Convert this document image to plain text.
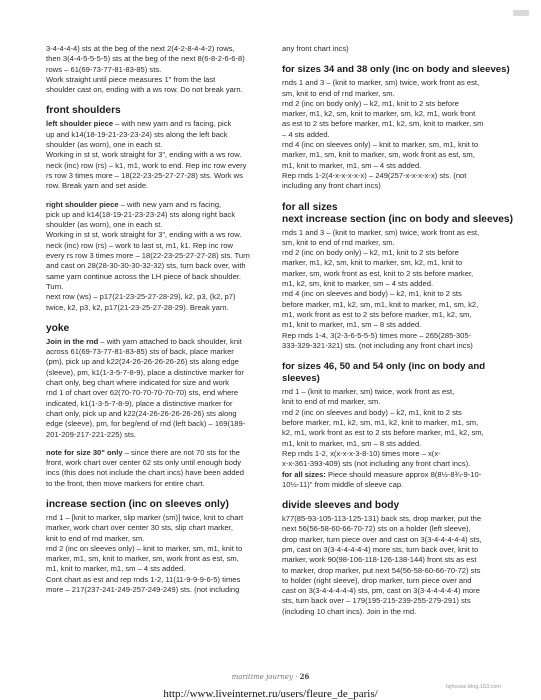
3-4-4-4-4) sts at the beg of the next 2(4-2-8-4-4-2) rows,

then 3(4-4-5-5-5-5) sts at the beg of the next 8(6-8-2-6-6-8)

rows – 61(69-73-77-81-83-85) sts.

Work straight until piece measures 1" from the last

shoulder cast on, ending with a ws row. Do not break yarn.

front shoulders

left shoulder piece – with new yarn and rs facing, pick

up and k14(18-19-21-23-23-24) sts along the left back

shoulder (as worn), one in each st.

Working in st st, work straight for 3", ending with a ws row.

neck (inc) row (rs) – k1, m1, work to end. Rep inc row every

rs row 3 times more – 18(22-23-25-27-27-28) sts. Work ws

row. Break yarn and set aside.

right shoulder piece – with new yarn and rs facing,

pick up and k14(18-19-21-23-23-24) sts along right back

shoulder (as worn), one in each st.

Working in st st, work straight for 3", ending with a ws row.

neck (inc) row (rs) – work to last st, m1, k1. Rep inc row

every rs row 3 times more – 18(22-23-25-27-27-28) sts. Turn

and cast on 28(28-30-30-30-32-32) sts, turn back over, with

same yarn continue across the LH piece of back shoulder.

Turn.

next row (ws) – p17(21-23-25-27-28-29), k2, p3, (k2, p7)

twice, k2, p3, k2, p17(21-23-25-27-28-29). Break yarn.

yoke

Join in the rnd – with yarn attached to back shoulder, knit

across 61(69-73-77-81-83-85) sts of back, place marker

(pm), pick up and k22(24-26-26-26-26-26) sts along edge

(sleeve), pm, k1(1-3-5-7-8-9), place a distinctive marker for

chart only, beg chart where indicated for size and work

rnd 1 of chart over 62(70-70-70-70-70-70) sts, end where

indicated, k1(1-3-5-7-8-9), place a distinctive marker for

chart only, pick up and k22(24-26-26-26-26-26) sts along

edge (sleeve), pm, for beg/end of rnd (left back) – 169(189-

201-209-217-221-225) sts.

note for size 30" only – since there are not 70 sts for the

front, work chart over center 62 sts only until enough body

incs (this does not include the chart incs) have been added

to the front, then move markers for entire chart.

increase section (inc on sleeves only)

rnd 1 – [knit to marker, slip marker (sm)] twice, knit to chart

marker, work chart over center 30 sts, slip chart marker,

knit to end of rnd marker, sm.

rnd 2 (inc on sleeves only) – knit to marker, sm, m1, knit to

marker, m1, sm, knit to marker, sm, work front as est, sm,

m1, knit to marker, m1, sm – 4 sts added.

Cont chart as est and rep rnds 1-2, 11(11-9-9-9-6-5) times

more – 217(237-241-249-257-249-249) sts. (not including

any front chart incs)

for sizes 34 and 38 only (inc on body and sleeves)

rnds 1 and 3 – (knit to marker, sm) twice, work front as est,

sm, knit to end of rnd marker, sm.

rnd 2 (inc on body only) – k2, m1, knit to 2 sts before

marker, m1, k2, sm, knit to marker, sm, k2, m1, work front

as est to 2 sts before marker, m1, k2, sm, knit to marker, sm

– 4 sts added.

rnd 4 (inc on sleeves only) – knit to marker, sm, m1, knit to

marker, m1, sm, knit to marker, sm, work front as est, sm,

m1, knit to marker, m1, sm – 4 sts added.

Rep rnds 1-2(4-x-x-x-x-x) – 249(257-x-x-x-x-x) sts. (not

including any front chart incs)

for all sizes
next increase section (inc on body and sleeves)

rnds 1 and 3 – (knit to marker, sm) twice, work front as est,

sm, knit to end of rnd marker, sm.

rnd 2 (inc on body only) – k2, m1, knit to 2 sts before

marker, m1, k2, sm, knit to marker, sm, k2, m1, knit to

marker, sm, work front as est, knit to 2 sts before marker,

m1, k2, sm, knit to marker, sm – 4 sts added.

rnd 4 (inc on sleeves and body) – k2, m1, knit to 2 sts

before marker, m1, k2, sm, m1, knit to marker, m1, sm, k2,

m1, work front as est to 2 sts before marker, m1, k2, sm,

m1, knit to marker, m1, sm – 8 sts added.

Rep rnds 1-4, 3(2-3-6-5-5-5) times more – 265(285-305-

333-329-321-321) sts. (not including any front chart incs)

for sizes 46, 50 and 54 only (inc on body and sleeves)

rnd 1 – (knit to marker, sm) twice, work front as est,

knit to end of rnd marker, sm.

rnd 2 (inc on sleeves and body) – k2, m1, knit to 2 sts

before marker, m1, k2, sm, m1, k2, knit to marker, m1, sm,

k2, m1, work front as est to 2 sts before marker, m1, k2, sm,

m1, knit to marker, m1, sm – 8 sts added.

Rep rnds 1-2, x(x-x-x-3-8-10) times more – x(x-

x-x-361-393-409) sts (not including any front chart incs).

for all sizes: Piece should measure approx 8(8½-8¾-9-10-

10½-11)" from middle of sleeve cap.

divide sleeves and body

k77(85-93-105-113-125-131) back sts, drop marker, put the

next 56(56-58-60-66-70-72) sts on a holder (left sleeve),

drop marker, turn piece over and cast on 3(3-4-4-4-4-4) sts,

pm, cast on 3(3-4-4-4-4-4) more sts, turn back over, knit to

marker, work 90(98-106-118-126-138-144) front sts as est

to marker, drop marker, put next 54(56-58-60-66-70-72) sts

to holder (right sleeve), drop marker, turn piece over and

cast on 3(3-4-4-4-4-4) sts, pm, cast on 3(3-4-4-4-4-4) more

sts, turn back over – 179(195-215-239-255-279-291) sts

(including 10 chart incs). Join in the rnd.

maritime journey · 26
tsjhouse.blog.163.com
http://www.liveinternet.ru/users/fleure_de_paris/
